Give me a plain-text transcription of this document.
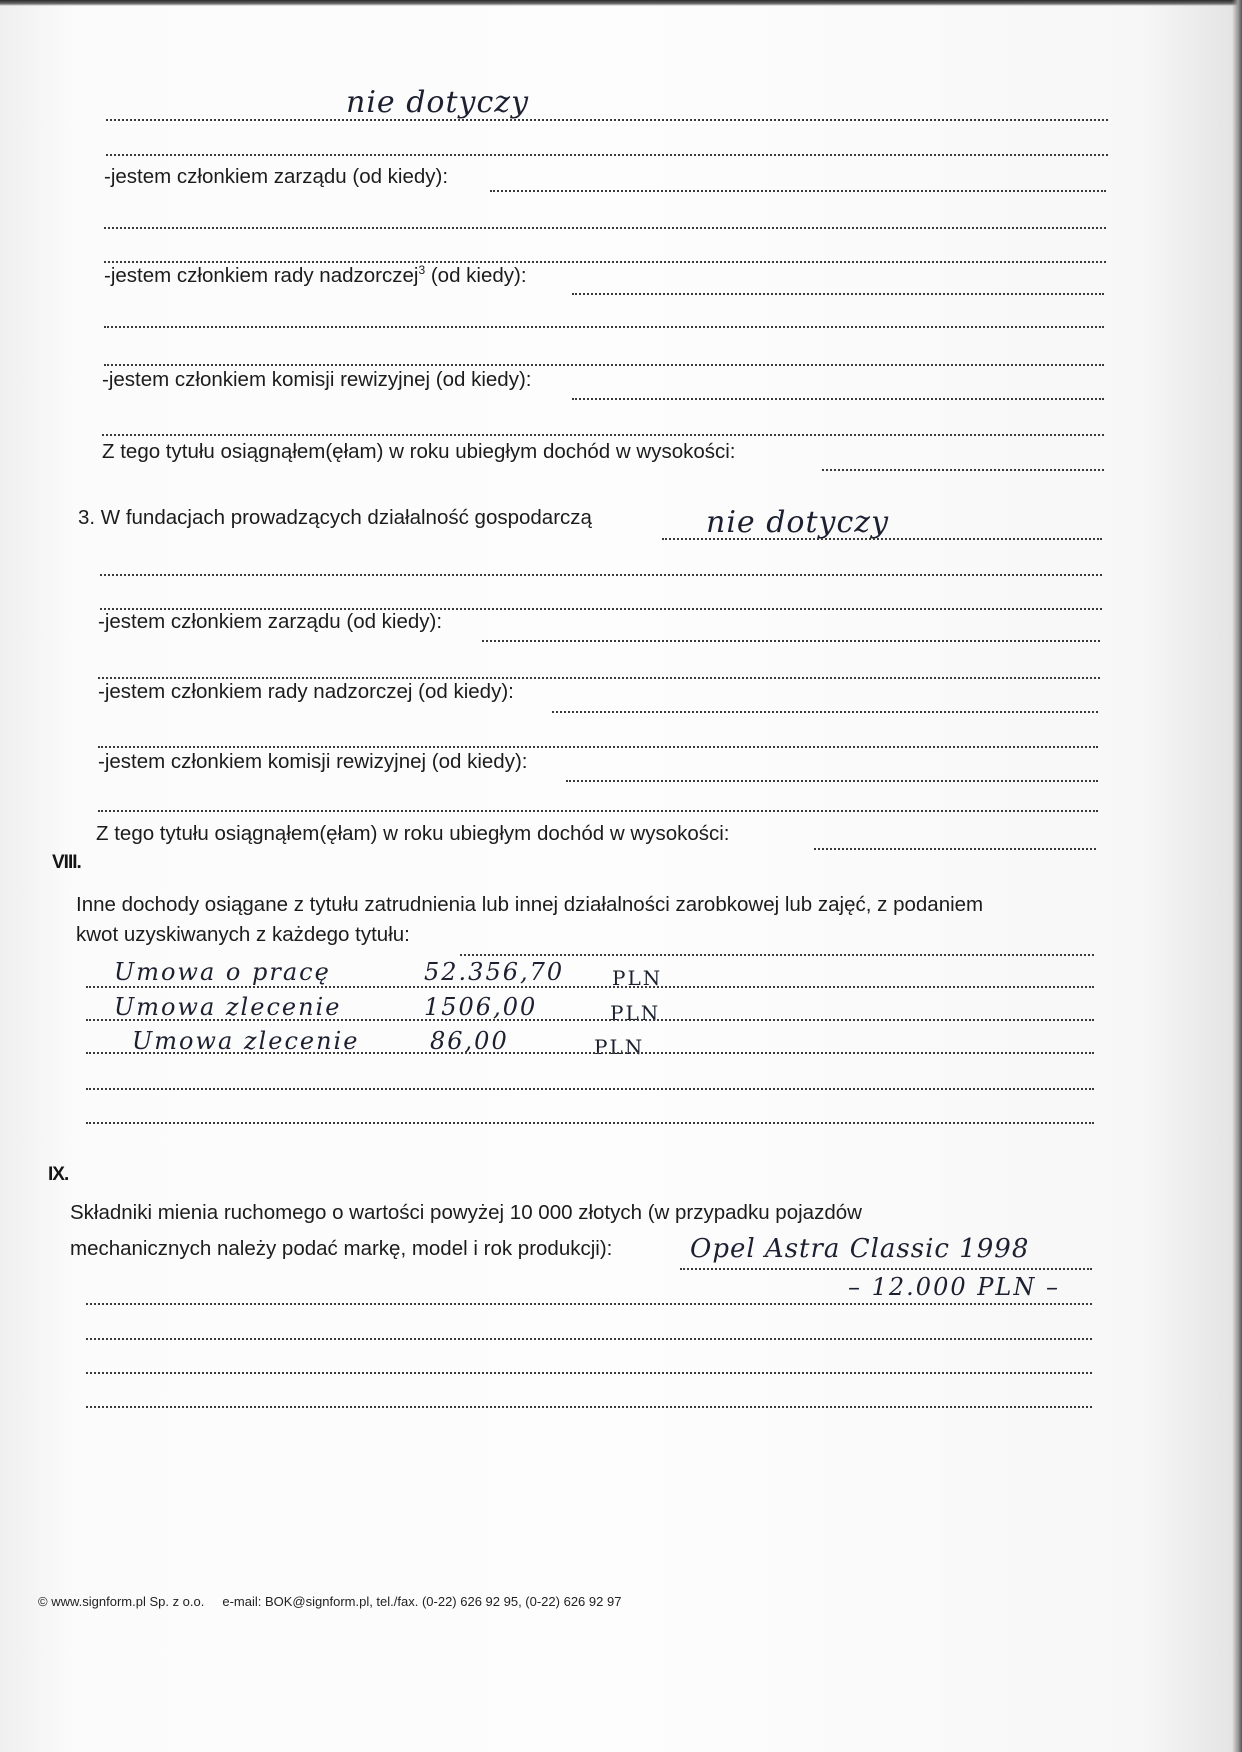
nie dotyczy
-jestem członkiem zarządu (od kiedy):
-jestem członkiem rady nadzorczej$^3$ (od kiedy):
-jestem członkiem komisji rewizyjnej (od kiedy):
Z tego tytułu osiągnąłem(ęłam) w roku ubiegłym dochód w wysokości:
3. W fundacjach prowadzących działalność gospodarczą	nie dotyczy
-jestem członkiem zarządu (od kiedy):
-jestem członkiem rady nadzorczej (od kiedy):
-jestem członkiem komisji rewizyjnej (od kiedy):
Z tego tytułu osiągnąłem(ęłam) w roku ubiegłym dochód w wysokości:
VIII.
Inne dochody osiągane z tytułu zatrudnienia lub innej działalności zarobkowej lub zajęć, z podaniem
kwot uzyskiwanych z każdego tytułu:
Umowa o pracę	52.356,70 PLN
Umowa zlecenie	1506,00	PLN
Umowa zlecenie	86,00	PLN
IX.
Składniki mienia ruchomego o wartości powyżej 10 000 złotych (w przypadku pojazdów
mechanicznych należy podać markę, model i rok produkcji):	Opel Astra Classic 1998
– 12.000 PLN –
© www.signform.pl Sp. z o.o. e-mail: BOK@signform.pl, tel./fax. (0-22) 626 92 95, (0-22) 626 92 97
